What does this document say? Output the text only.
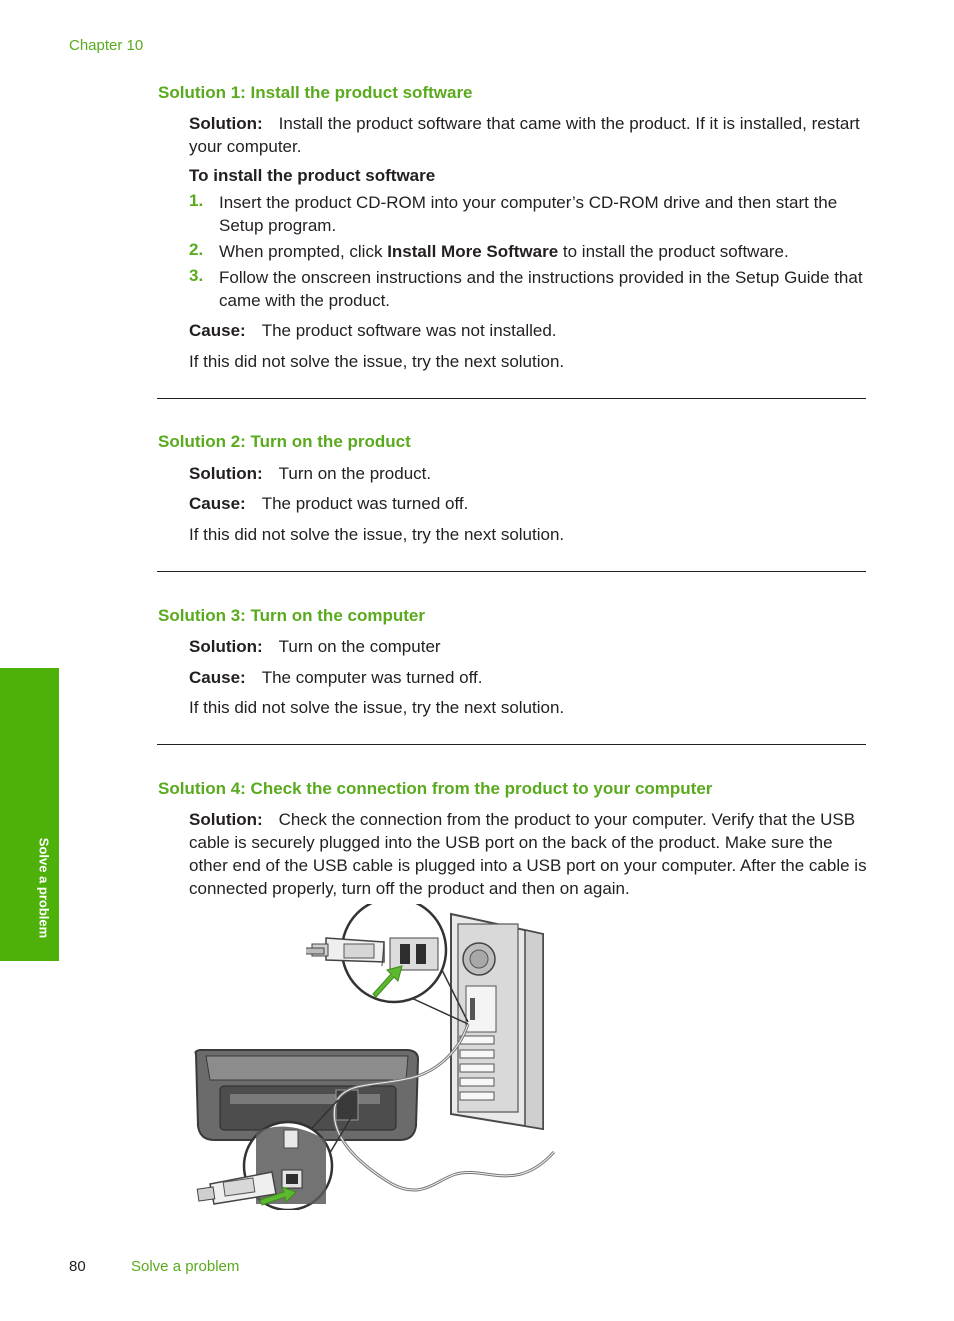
Chapter 10
Solve a problem
Solution 1: Install the product software
Solution: Install the product software that came with the product. If it is installed, restart your computer.
To install the product software
1. Insert the product CD-ROM into your computer’s CD-ROM drive and then start the Setup program.
2. When prompted, click Install More Software to install the product software.
3. Follow the onscreen instructions and the instructions provided in the Setup Guide that came with the product.
Cause: The product software was not installed.
If this did not solve the issue, try the next solution.
Solution 2: Turn on the product
Solution: Turn on the product.
Cause: The product was turned off.
If this did not solve the issue, try the next solution.
Solution 3: Turn on the computer
Solution: Turn on the computer
Cause: The computer was turned off.
If this did not solve the issue, try the next solution.
Solution 4: Check the connection from the product to your computer
Solution: Check the connection from the product to your computer. Verify that the USB cable is securely plugged into the USB port on the back of the product. Make sure the other end of the USB cable is plugged into a USB port on your computer. After the cable is connected properly, turn off the product and then on again.
80	Solve a problem
